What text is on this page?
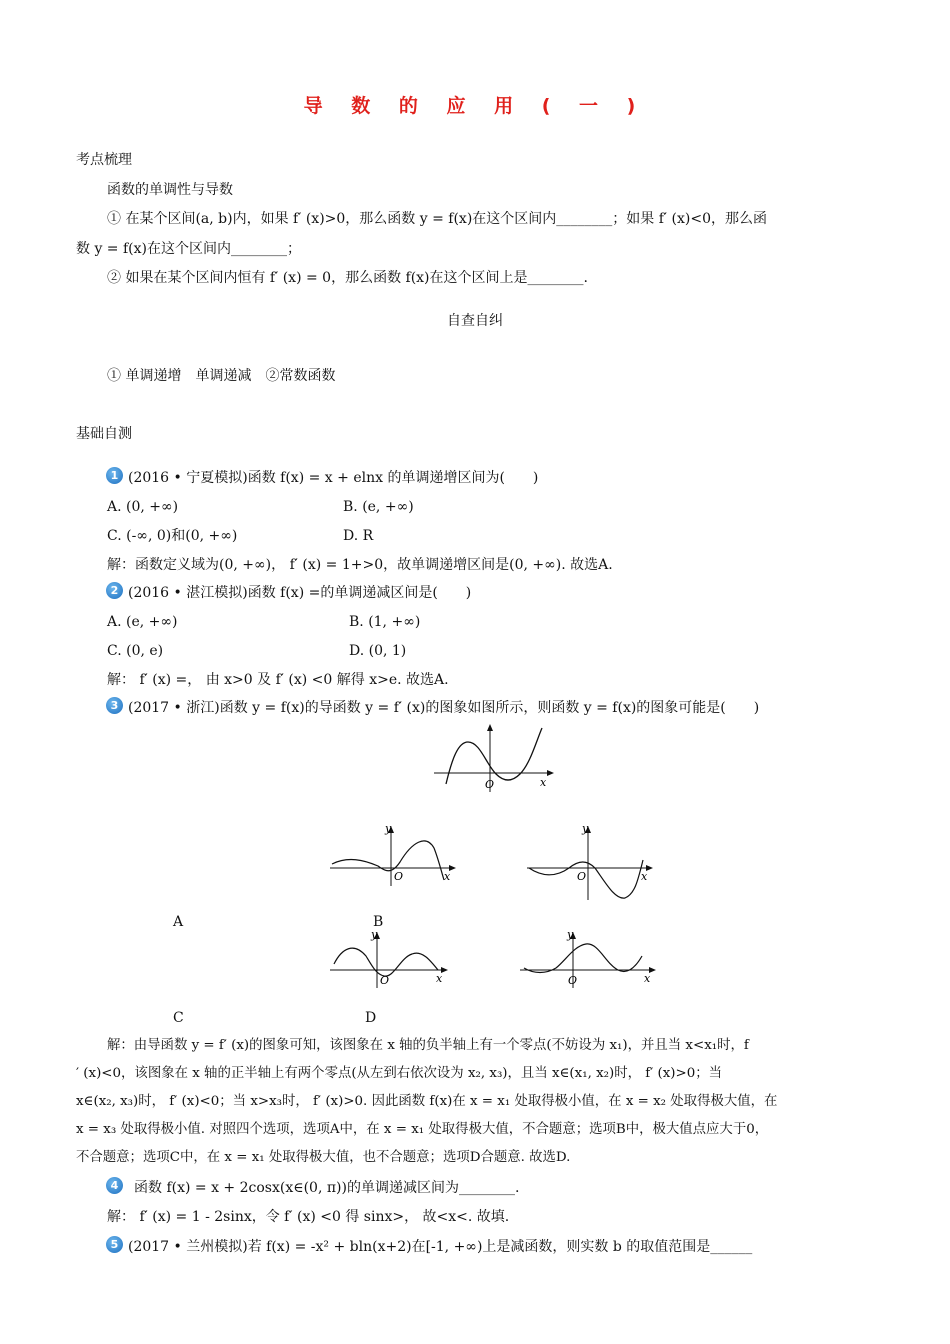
导 数 的 应 用 ( 一 )
考点梳理
函数的单调性与导数
① 在某个区间(a, b)内，如果 f′ (x)>0，那么函数 y = f(x)在这个区间内________；如果 f′ (x)<0，那么函
数 y = f(x)在这个区间内________；
② 如果在某个区间内恒有 f′ (x) = 0，那么函数 f(x)在这个区间上是________.
自查自纠
① 单调递增　单调递减　②常数函数
基础自测
1 (2016 • 宁夏模拟)函数 f(x) = x + elnx 的单调递增区间为(　　)
A. (0, +∞)	B. (e, +∞)
C. (-∞, 0)和(0, +∞)	D. R
解：函数定义域为(0, +∞)， f′ (x) = 1+>0，故单调递增区间是(0, +∞). 故选A.
2 (2016 • 湛江模拟)函数 f(x) =的单调递减区间是(　　)
A. (e, +∞)	B. (1, +∞)
C. (0, e)	D. (0, 1)
解： f′ (x) =， 由 x>0 及 f′ (x) <0 解得 x>e. 故选A.
3 (2017 • 浙江)函数 y = f(x)的导函数 y = f′ (x)的图象如图所示，则函数 y = f(x)的图象可能是(　　)
O	x
y
O	x
y
O	x
A	B
y
O	x
y
O	x
C	D
解：由导函数 y = f′ (x)的图象可知，该图象在 x 轴的负半轴上有一个零点(不妨设为 x₁)，并且当 x<x₁时，f
′ (x)<0，该图象在 x 轴的正半轴上有两个零点(从左到右依次设为 x₂, x₃)，且当 x∈(x₁, x₂)时， f′ (x)>0；当
x∈(x₂, x₃)时， f′ (x)<0；当 x>x₃时， f′ (x)>0. 因此函数 f(x)在 x = x₁ 处取得极小值，在 x = x₂ 处取得极大值，在
x = x₃ 处取得极小值. 对照四个选项，选项A中，在 x = x₁ 处取得极大值，不合题意；选项B中，极大值点应大于0，
不合题意；选项C中，在 x = x₁ 处取得极大值，也不合题意；选项D合题意. 故选D.
4	函数 f(x) = x + 2cosx(x∈(0, π))的单调递减区间为________.
解： f′ (x) = 1 - 2sinx，令 f′ (x) <0 得 sinx>， 故<x<. 故填.
5 (2017 • 兰州模拟)若 f(x) = -x² + bln(x+2)在[-1, +∞)上是减函数，则实数 b 的取值范围是______
